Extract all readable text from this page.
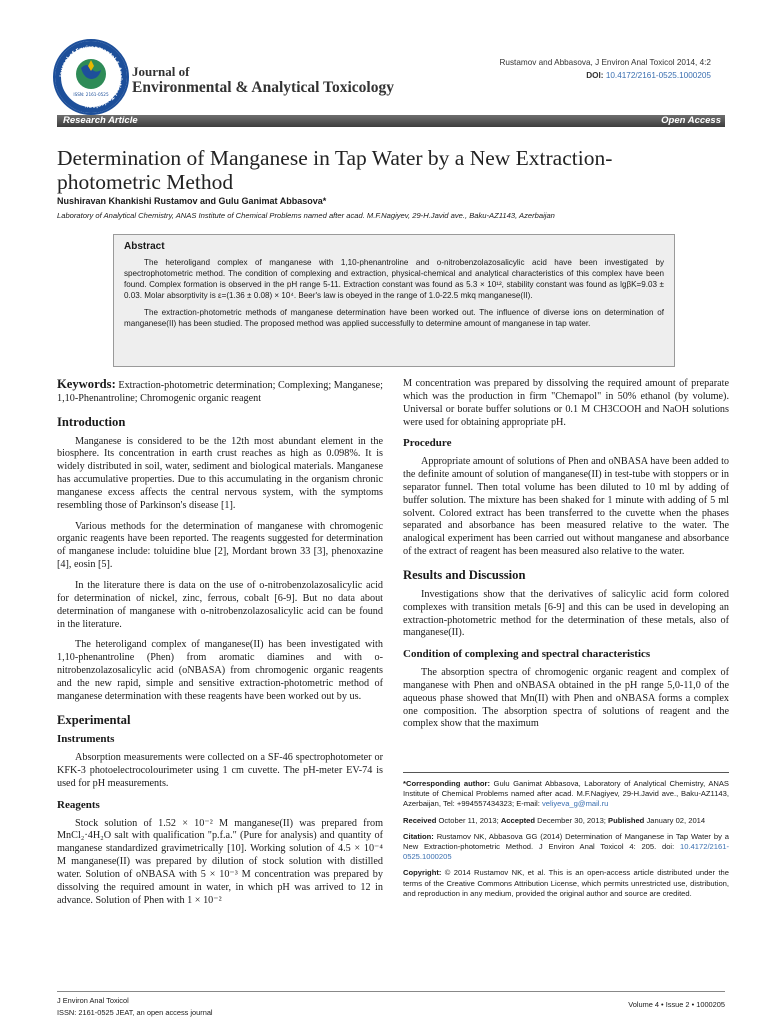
Journal of Environmental & Analytical Toxicology
ISSN: 2161-0525
Journal of
Environmental & Analytical Toxicology
Rustamov and Abbasova, J Environ Anal Toxicol 2014, 4:2
DOI: 10.4172/2161-0525.1000205
Research Article	Open Access
Determination of Manganese in Tap Water by a New Extraction-photometric Method
Nushiravan Khankishi Rustamov and Gulu Ganimat Abbasova*
Laboratory of Analytical Chemistry, ANAS Institute of Chemical Problems named after acad. M.F.Nagiyev, 29-H.Javid ave., Baku-AZ1143, Azerbaijan
Abstract

The heteroligand complex of manganese with 1,10-phenantroline and o-nitrobenzolazosalicylic acid have been investigated by spectrophotometric method. The condition of complexing and extraction, physical-chemical and analytical characteristics of this complex have been found. Complex formation is observed in the pH range 5-11. Extraction constant was found as 5.3 × 10¹², stability constant was found as lgβK=9.03 ± 0.03. Molar absorptivity is ε=(1.36 ± 0.08) × 10⁴. Beer's law is obeyed in the range of 1.0-22.5 mkq manganese(II).

The extraction-photometric methods of manganese determination have been worked out. The influence of diverse ions on determination of manganese(II) has been studied. The proposed method was applied successfully to determine amount of manganese in tap water.

Keywords: Extraction-photometric determination; Complexing; Manganese; 1,10-Phenantroline; Chromogenic organic reagent

Introduction

Manganese is considered to be the 12th most abundant element in the biosphere. Its concentration in earth crust reaches as high as 0.098%. It is widely distributed in soil, water, sediment and biological materials. Manganese has accumulative properties. Due to this accumulating in the organism chronic manganese excess affects the central nervous system, with the symptoms resembling those of Parkinson's disease [1].

Various methods for the determination of manganese with chromogenic organic reagents have been reported. The reagents suggested for determination of manganese include: toluidine blue [2], Mordant brown 33 [3], phenoxazine [4], eosin [5].

In the literature there is data on the use of o-nitrobenzolazosalicylic acid for determination of nickel, zinc, ferrous, cobalt [6-9]. But no data about determination of manganese with o-nitrobenzolazosalicylic acid can be found in the literature.

The heteroligand complex of manganese(II) has been investigated with 1,10-phenantroline (Phen) from aromatic diamines and with o-nitrobenzolazosalicylic acid (oNBASA) from chromogenic organic reagents and the new rapid, simple and sensitive extraction-photometric method of manganese determination with these reagents have been worked out by us.

Experimental
Instruments

Absorption measurements were collected on a SF-46 spectrophotometer or KFK-3 photoelectrocolourimeter using 1 cm cuvette. The pH-meter EV-74 is used for pH measurements.

Reagents

Stock solution of 1.52 × 10⁻² M manganese(II) was prepared from MnCl₂·4H₂O salt with qualification "p.f.a." (Pure for analysis) and quantity of manganese standardized gravimetrically [10]. Working solution of 4.5 × 10⁻⁴ M manganese(II) was prepared by dilution of stock solution with distilled water. Solution of oNBASA with 5 × 10⁻³ M concentration was prepared by dissolving the required amount in water, in which pH was arrived to 12 in advance. Solution of Phen with 1 × 10⁻²

M concentration was prepared by dissolving the required amount of preparate which was the production in firm "Chemapol" in 50% ethanol (by volume). Universal or borate buffer solutions or 0.1 M CH3COOH and NaOH solutions were used for obtaining appropriate pH.

Procedure

Appropriate amount of solutions of Phen and oNBASA have been added to the definite amount of solution of manganese(II) in test-tube with stoppers or in separator funnel. Then total volume has been diluted to 10 ml by adding of buffer solution. The mixture has been shaked for 1 minute with adding of 5 ml solvent. Colored extract has been transferred to the cuvette when the phases separated and absorbance has been measured relative to the water. The analogical experiment has been carried out without manganese and absorbance of the extract of reagent has been measured also relative to the water.

Results and Discussion

Investigations show that the derivatives of salicylic acid form colored complexes with transition metals [6-9] and this can be used in developing an extraction-photometric method for the determination of these metals, also of manganese(II).

Condition of complexing and spectral characteristics

The absorption spectra of chromogenic organic reagent and complex of manganese with Phen and oNBASA obtained in the pH range 5,0-11,0 of the aqueous phase showed that Mn(II) with Phen and oNBASA forms a complex one composition. The absorption spectra of solutions of reagent and the complex show that the maximum

*Corresponding author: Gulu Ganimat Abbasova, Laboratory of Analytical Chemistry, ANAS Institute of Chemical Problems named after acad. M.F.Nagiyev, 29-H.Javid ave., Baku-AZ1143, Azerbaijan, Tel: +994557434323; E-mail: veliyeva_g@mail.ru

Received October 11, 2013; Accepted December 30, 2013; Published January 02, 2014

Citation: Rustamov NK, Abbasova GG (2014) Determination of Manganese in Tap Water by a New Extraction-photometric Method. J Environ Anal Toxicol 4: 205. doi: 10.4172/2161-0525.1000205

Copyright: © 2014 Rustamov NK, et al. This is an open-access article distributed under the terms of the Creative Commons Attribution License, which permits unrestricted use, distribution, and reproduction in any medium, provided the original author and source are credited.

J Environ Anal Toxicol
ISSN: 2161-0525 JEAT, an open access journal
Volume 4 • Issue 2 • 1000205
